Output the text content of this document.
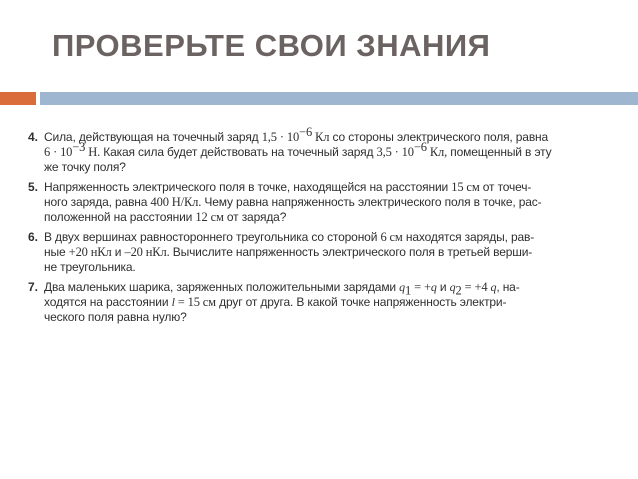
ПРОВЕРЬТЕ СВОИ ЗНАНИЯ
4. Сила, действующая на точечный заряд $1,5 \cdot 10^{-6}$ Кл со стороны электрического поля, равна
$6 \cdot 10^{-3}$ Н. Какая сила будет действовать на точечный заряд $3,5 \cdot 10^{-6}$ Кл, помещенный в эту
же точку поля?
5. Напряженность электрического поля в точке, находящейся на расстоянии 15 см от точеч-
ного заряда, равна 400 Н/Кл. Чему равна напряженность электрического поля в точке, рас-
положенной на расстоянии 12 см от заряда?
6. В двух вершинах равностороннего треугольника со стороной 6 см находятся заряды, рав-
ные +20 нКл и –20 нКл. Вычислите напряженность электрического поля в третьей верши-
не треугольника.
7. Два маленьких шарика, заряженных положительными зарядами $q_1 = +q$ и $q_2 = +4$ q, на-
ходятся на расстоянии l = 15 см друг от друга. В какой точке напряженность электри-
ческого поля равна нулю?
